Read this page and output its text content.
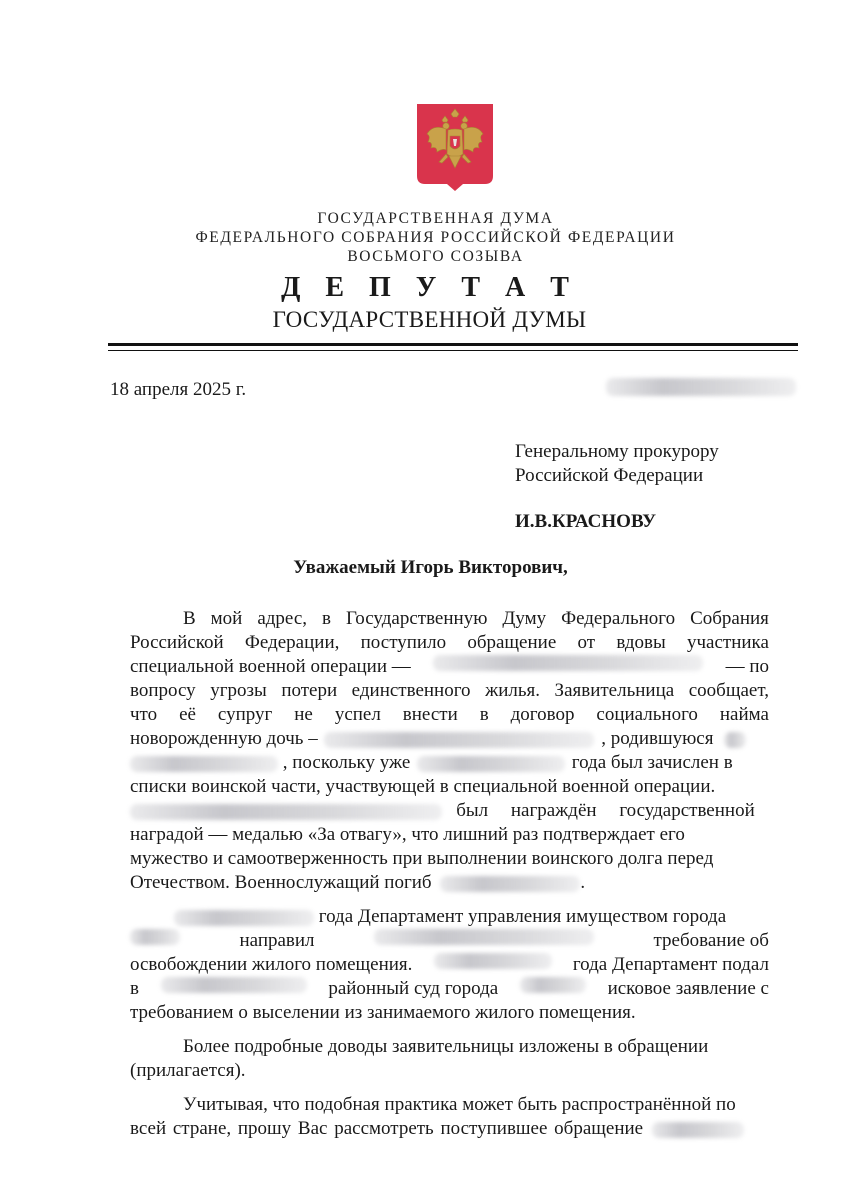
ГОСУДАРСТВЕННАЯ ДУМА
ФЕДЕРАЛЬНОГО СОБРАНИЯ РОССИЙСКОЙ ФЕДЕРАЦИИ
ВОСЬМОГО СОЗЫВА
Д Е П У Т А Т
ГОСУДАРСТВЕННОЙ ДУМЫ
18 апреля 2025 г.
Генеральному прокурору
Российской Федерации
И.В.КРАСНОВУ
Уважаемый Игорь Викторович,
В мой адрес, в Государственную Думу Федерального Собрания
Российской Федерации, поступило обращение от вдовы участника
специальной военной операции —	— по
вопросу угрозы потери единственного жилья. Заявительница сообщает,
что её супруг не успел внести в договор социального найма
новорожденную дочь –	, родившуюся
, поскольку уже	года был зачислен в
списки воинской части, участвующей в специальной военной операции.
был награждён государственной
наградой — медалью «За отвагу», что лишний раз подтверждает его
мужество и самоотверженность при выполнении воинского долга перед
Отечеством. Военнослужащий погиб	.
года Департамент управления имуществом города
направил	требование об
освобождении жилого помещения.	года Департамент подал
в	районный суд города	исковое заявление с
требованием о выселении из занимаемого жилого помещения.
Более подробные доводы заявительницы изложены в обращении
(прилагается).
Учитывая, что подобная практика может быть распространённой по
всей стране, прошу Вас рассмотреть поступившее обращение
